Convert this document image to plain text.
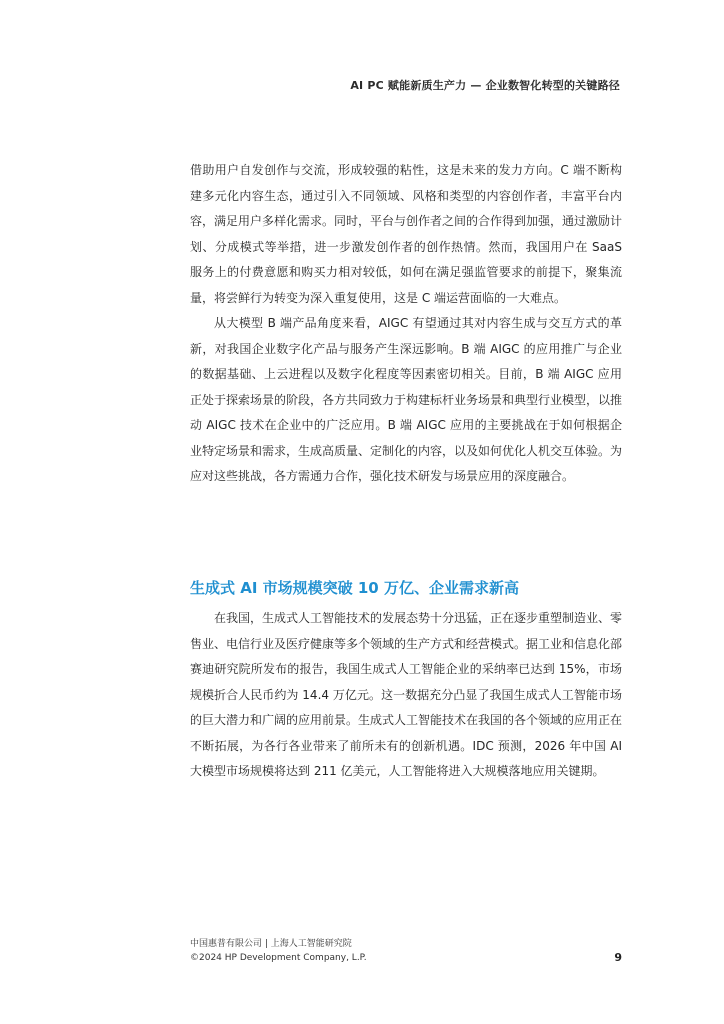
AI PC 赋能新质生产力 — 企业数智化转型的关键路径

借助用户自发创作与交流，形成较强的粘性，这是未来的发力方向。C 端不断构建多元化内容生态，通过引入不同领域、风格和类型的内容创作者，丰富平台内容，满足用户多样化需求。同时，平台与创作者之间的合作得到加强，通过激励计划、分成模式等举措，进一步激发创作者的创作热情。然而，我国用户在 SaaS 服务上的付费意愿和购买力相对较低，如何在满足强监管要求的前提下，聚集流量，将尝鲜行为转变为深入重复使用，这是 C 端运营面临的一大难点。

从大模型 B 端产品角度来看，AIGC 有望通过其对内容生成与交互方式的革新，对我国企业数字化产品与服务产生深远影响。B 端 AIGC 的应用推广与企业的数据基础、上云进程以及数字化程度等因素密切相关。目前，B 端 AIGC 应用正处于探索场景的阶段，各方共同致力于构建标杆业务场景和典型行业模型，以推动 AIGC 技术在企业中的广泛应用。B 端 AIGC 应用的主要挑战在于如何根据企业特定场景和需求，生成高质量、定制化的内容，以及如何优化人机交互体验。为应对这些挑战，各方需通力合作，强化技术研发与场景应用的深度融合。

生成式 AI 市场规模突破 10 万亿、企业需求新高

在我国，生成式人工智能技术的发展态势十分迅猛，正在逐步重塑制造业、零售业、电信行业及医疗健康等多个领域的生产方式和经营模式。据工业和信息化部赛迪研究院所发布的报告，我国生成式人工智能企业的采纳率已达到 15%，市场规模折合人民币约为 14.4 万亿元。这一数据充分凸显了我国生成式人工智能市场的巨大潜力和广阔的应用前景。生成式人工智能技术在我国的各个领域的应用正在不断拓展，为各行各业带来了前所未有的创新机遇。IDC 预测，2026 年中国 AI 大模型市场规模将达到 211 亿美元，人工智能将进入大规模落地应用关键期。

中国惠普有限公司 | 上海人工智能研究院
©2024 HP Development Company, L.P.	9
